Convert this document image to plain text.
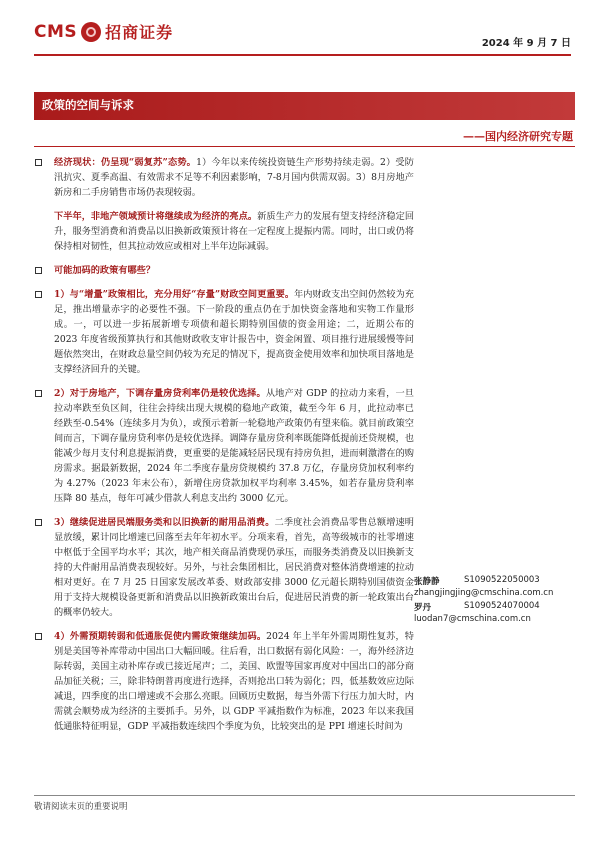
CMS 招商证券
2024 年 9 月 7 日
政策的空间与诉求
——国内经济研究专题
经济现状：仍呈现“弱复苏”态势。1）今年以来传统投资链生产形势持续走弱。2）受防汛抗灾、夏季高温、有效需求不足等不利因素影响，7-8月国内供需双弱。3）8月房地产新房和二手房销售市场仍表现较弱。
下半年，非地产领域预计将继续成为经济的亮点。新质生产力的发展有望支持经济稳定回升，服务型消费和消费品以旧换新政策预计将在一定程度上提振内需。同时，出口或仍将保持相对韧性，但其拉动效应或相对上半年边际减弱。
可能加码的政策有哪些？
1）与“增量”政策相比，充分用好“存量”财政空间更重要。年内财政支出空间仍然较为充足，推出增量赤字的必要性不强。下一阶段的重点仍在于加快资金落地和实物工作量形成。一，可以进一步拓展新增专项债和超长期特别国债的资金用途；二，近期公布的 2023 年度省级预算执行和其他财政收支审计报告中，资金闲置、项目推行进展缓慢等问题依然突出，在财政总量空间仍较为充足的情况下，提高资金使用效率和加快项目落地是支撑经济回升的关键。
2）对于房地产，下调存量房贷利率仍是较优选择。从地产对 GDP 的拉动力来看，一旦拉动率跌至负区间，往往会持续出现大规模的稳地产政策，截至今年 6 月，此拉动率已经跌至-0.54%（连续多月为负），或预示着新一轮稳地产政策仍有望来临。就目前政策空间而言，下调存量房贷利率仍是较优选择。调降存量房贷利率既能降低提前还贷规模，也能减少每月支付利息提振消费，更重要的是能减轻居民现有持房负担，进而刺激潜在的购房需求。据最新数据，2024 年二季度存量房贷规模约 37.8 万亿，存量房贷加权利率约为 4.27%（2023 年末公布），新增住房贷款加权平均利率 3.45%，如若存量房贷利率压降 80 基点，每年可减少借款人利息支出约 3000 亿元。
3）继续促进居民端服务类和以旧换新的耐用品消费。二季度社会消费品零售总额增速明显放缓，累计同比增速已回落至去年年初水平。分项来看，首先，高等级城市的社零增速中枢低于全国平均水平；其次，地产相关商品消费现仍承压，而服务类消费及以旧换新支持的大件耐用品消费表现较好。另外，与社会集团相比，居民消费对整体消费增速的拉动相对更好。在 7 月 25 日国家发展改革委、财政部安排 3000 亿元超长期特别国债资金用于支持大规模设备更新和消费品以旧换新政策出台后，促进居民消费的新一轮政策出台的概率仍较大。
4）外需预期转弱和低通胀促使内需政策继续加码。2024 年上半年外需周期性复苏，特别是美国等补库带动中国出口大幅回暖。往后看，出口数据有弱化风险：一，海外经济边际转弱，美国主动补库存或已接近尾声；二，美国、欧盟等国家再度对中国出口的部分商品加征关税；三，除非特朗普再度进行选择，否则抢出口转为弱化；四，低基数效应边际减退，四季度的出口增速或不会那么亮眼。回顾历史数据，每当外需下行压力加大时，内需就会顺势成为经济的主要抓手。另外，以 GDP 平减指数作为标准，2023 年以来我国低通胀特征明显，GDP 平减指数连续四个季度为负，比较突出的是 PPI 增速长时间为
张静静	S1090522050003
zhangjingjing@cmschina.com.cn
罗丹	S1090524070004
luodan7@cmschina.com.cn
敬请阅读末页的重要说明
